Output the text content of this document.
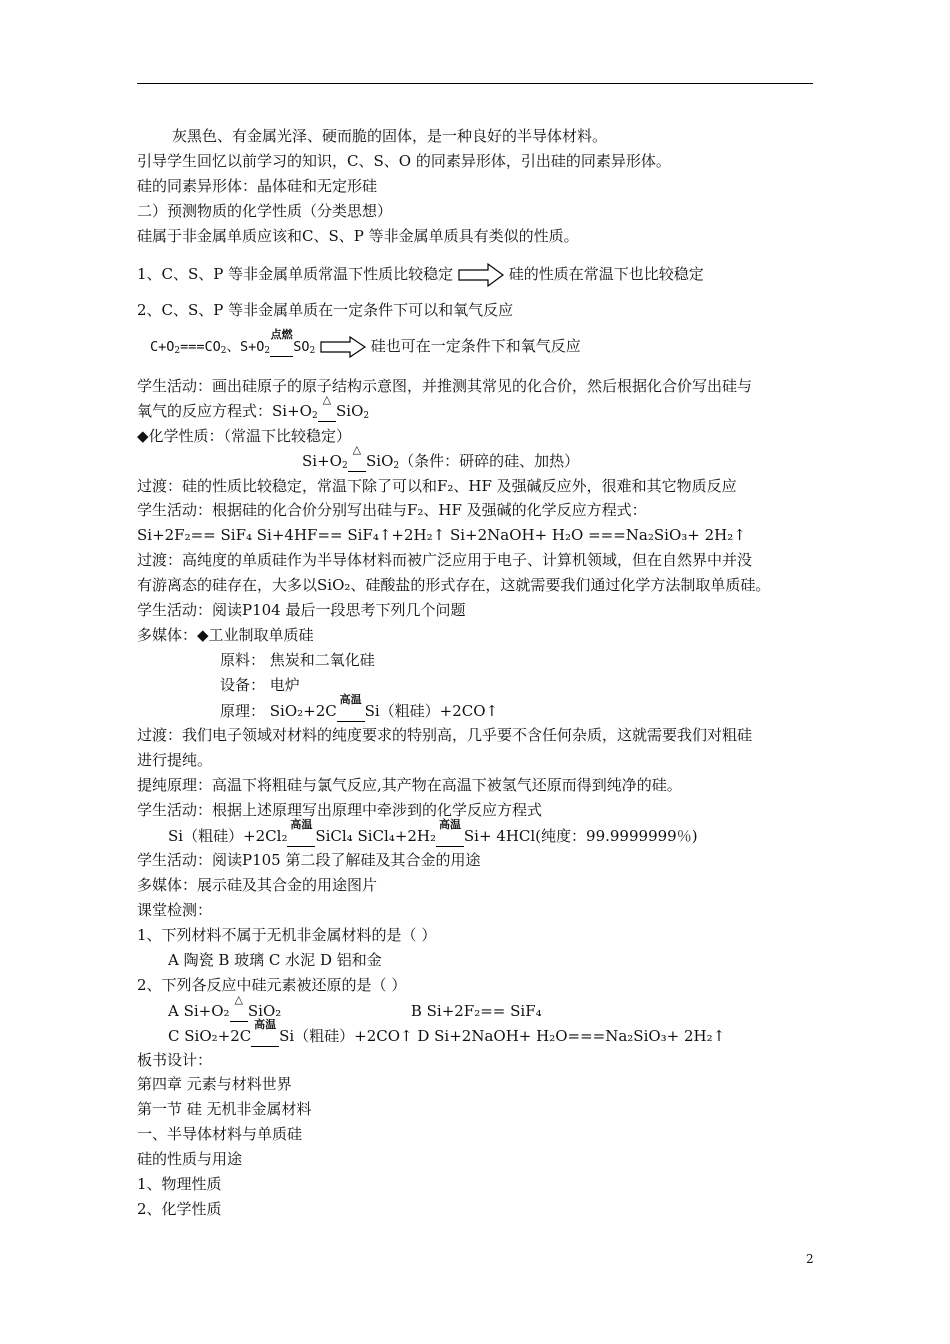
灰黑色、有金属光泽、硬而脆的固体，是一种良好的半导体材料。
引导学生回忆以前学习的知识，C、S、O 的同素异形体，引出硅的同素异形体。
硅的同素异形体：晶体硅和无定形硅
二）预测物质的化学性质（分类思想）
硅属于非金属单质应该和C、S、P 等非金属单质具有类似的性质。
1、C、S、P 等非金属单质常温下性质比较稳定	硅的性质在常温下也比较稳定
2、C、S、P 等非金属单质在一定条件下可以和氧气反应
$C+O_2===CO_2$、$S+O_2$
点燃
$SO_2$	硅也可在一定条件下和氧气反应
学生活动：画出硅原子的原子结构示意图，并推测其常见的化合价，然后根据化合价写出硅与
氧气的反应方程式：$Si+O_2$
△
SiO$_2$
◆化学性质：（常温下比较稳定）
$Si+O_2$
△
SiO$_2$（条件：研碎的硅、加热）
过渡：硅的性质比较稳定，常温下除了可以和F₂、HF 及强碱反应外，很难和其它物质反应
学生活动：根据硅的化合价分别写出硅与F₂、HF 及强碱的化学反应方程式：
Si+2F₂== SiF₄ Si+4HF== SiF₄↑+2H₂↑ Si+2NaOH+ H₂O ===Na₂SiO₃+ 2H₂↑
过渡：高纯度的单质硅作为半导体材料而被广泛应用于电子、计算机领域，但在自然界中并没
有游离态的硅存在，大多以SiO₂、硅酸盐的形式存在，这就需要我们通过化学方法制取单质硅。
学生活动：阅读P104 最后一段思考下列几个问题
多媒体：◆工业制取单质硅
原料： 焦炭和二氧化硅
设备： 电炉
原理： SiO₂+2C
高温
Si（粗硅）+2CO↑
过渡：我们电子领域对材料的纯度要求的特别高，几乎要不含任何杂质，这就需要我们对粗硅
进行提纯。
提纯原理：高温下将粗硅与氯气反应,其产物在高温下被氢气还原而得到纯净的硅。
学生活动：根据上述原理写出原理中牵涉到的化学反应方程式
Si（粗硅）+2Cl₂
高温
SiCl₄ SiCl₄+2H₂
高温
Si+ 4HCl(纯度：99.9999999％)
学生活动：阅读P105 第二段了解硅及其合金的用途
多媒体：展示硅及其合金的用途图片
课堂检测：
1、下列材料不属于无机非金属材料的是（ ）
A 陶瓷 B 玻璃 C 水泥 D 铝和金
2、下列各反应中硅元素被还原的是（ ）
A Si+O₂
△
SiO₂	B Si+2F₂== SiF₄
C SiO₂+2C
高温
Si（粗硅）+2CO↑ D Si+2NaOH+ H₂O===Na₂SiO₃+ 2H₂↑
板书设计：
第四章 元素与材料世界
第一节 硅 无机非金属材料
一、半导体材料与单质硅
硅的性质与用途
1、物理性质
2、化学性质
2
